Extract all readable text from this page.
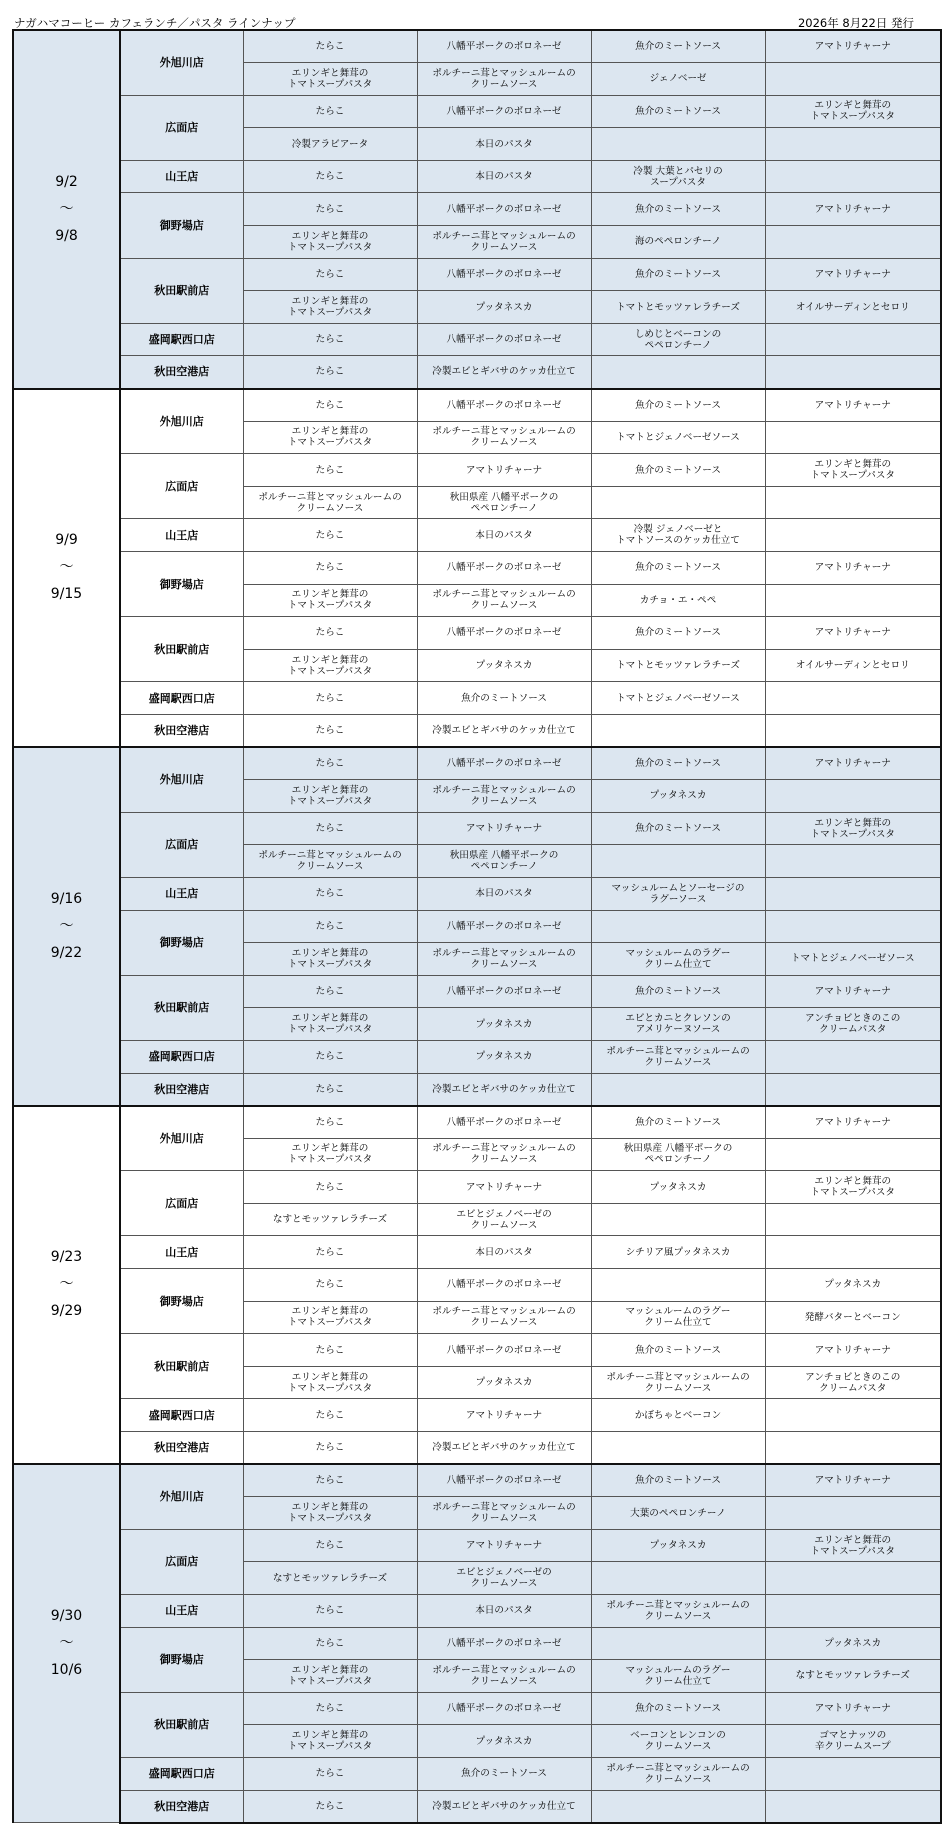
ナガハマコーヒー カフェランチ／パスタ ラインナップ	2026年 8月22日 発行
9/2
～
9/8	外旭川店	たらこ	八幡平ポークのボロネーゼ	魚介のミートソース	アマトリチャーナ
		エリンギと舞茸の
トマトスープパスタ	ポルチーニ茸とマッシュルームの
クリームソース	ジェノベーゼ	
	広面店	たらこ	八幡平ポークのボロネーゼ	魚介のミートソース	エリンギと舞茸の
トマトスープパスタ
		冷製アラビアータ	本日のパスタ		
	山王店	たらこ	本日のパスタ	冷製 大葉とパセリの
スープパスタ	
	御野場店	たらこ	八幡平ポークのボロネーゼ	魚介のミートソース	アマトリチャーナ
		エリンギと舞茸の
トマトスープパスタ	ポルチーニ茸とマッシュルームの
クリームソース	海のペペロンチーノ	
	秋田駅前店	たらこ	八幡平ポークのボロネーゼ	魚介のミートソース	アマトリチャーナ
		エリンギと舞茸の
トマトスープパスタ	プッタネスカ	トマトとモッツァレラチーズ	オイルサーディンとセロリ
	盛岡駅西口店	たらこ	八幡平ポークのボロネーゼ	しめじとベーコンの
ペペロンチーノ	
	秋田空港店	たらこ	冷製エビとギバサのケッカ仕立て		
9/9
～
9/15	外旭川店	たらこ	八幡平ポークのボロネーゼ	魚介のミートソース	アマトリチャーナ
		エリンギと舞茸の
トマトスープパスタ	ポルチーニ茸とマッシュルームの
クリームソース	トマトとジェノベーゼソース	
	広面店	たらこ	アマトリチャーナ	魚介のミートソース	エリンギと舞茸の
トマトスープパスタ
		ポルチーニ茸とマッシュルームの
クリームソース	秋田県産 八幡平ポークの
ペペロンチーノ		
	山王店	たらこ	本日のパスタ	冷製 ジェノベーゼと
トマトソースのケッカ仕立て	
	御野場店	たらこ	八幡平ポークのボロネーゼ	魚介のミートソース	アマトリチャーナ
		エリンギと舞茸の
トマトスープパスタ	ポルチーニ茸とマッシュルームの
クリームソース	カチョ・エ・ペペ	
	秋田駅前店	たらこ	八幡平ポークのボロネーゼ	魚介のミートソース	アマトリチャーナ
		エリンギと舞茸の
トマトスープパスタ	プッタネスカ	トマトとモッツァレラチーズ	オイルサーディンとセロリ
	盛岡駅西口店	たらこ	魚介のミートソース	トマトとジェノベーゼソース	
	秋田空港店	たらこ	冷製エビとギバサのケッカ仕立て		
9/16
～
9/22	外旭川店	たらこ	八幡平ポークのボロネーゼ	魚介のミートソース	アマトリチャーナ
		エリンギと舞茸の
トマトスープパスタ	ポルチーニ茸とマッシュルームの
クリームソース	プッタネスカ	
	広面店	たらこ	アマトリチャーナ	魚介のミートソース	エリンギと舞茸の
トマトスープパスタ
		ポルチーニ茸とマッシュルームの
クリームソース	秋田県産 八幡平ポークの
ペペロンチーノ		
	山王店	たらこ	本日のパスタ	マッシュルームとソーセージの
ラグーソース	
	御野場店	たらこ	八幡平ポークのボロネーゼ		
		エリンギと舞茸の
トマトスープパスタ	ポルチーニ茸とマッシュルームの
クリームソース	マッシュルームのラグー
クリーム仕立て	トマトとジェノベーゼソース
	秋田駅前店	たらこ	八幡平ポークのボロネーゼ	魚介のミートソース	アマトリチャーナ
		エリンギと舞茸の
トマトスープパスタ	プッタネスカ	エビとカニとクレソンの
アメリケーヌソース	アンチョビときのこの
クリームパスタ
	盛岡駅西口店	たらこ	プッタネスカ	ポルチーニ茸とマッシュルームの
クリームソース	
	秋田空港店	たらこ	冷製エビとギバサのケッカ仕立て		
9/23
～
9/29	外旭川店	たらこ	八幡平ポークのボロネーゼ	魚介のミートソース	アマトリチャーナ
		エリンギと舞茸の
トマトスープパスタ	ポルチーニ茸とマッシュルームの
クリームソース	秋田県産 八幡平ポークの
ペペロンチーノ	
	広面店	たらこ	アマトリチャーナ	プッタネスカ	エリンギと舞茸の
トマトスープパスタ
		なすとモッツァレラチーズ	エビとジェノベーゼの
クリームソース		
	山王店	たらこ	本日のパスタ	シチリア風プッタネスカ	
	御野場店	たらこ	八幡平ポークのボロネーゼ		プッタネスカ
		エリンギと舞茸の
トマトスープパスタ	ポルチーニ茸とマッシュルームの
クリームソース	マッシュルームのラグー
クリーム仕立て	発酵バターとベーコン
	秋田駅前店	たらこ	八幡平ポークのボロネーゼ	魚介のミートソース	アマトリチャーナ
		エリンギと舞茸の
トマトスープパスタ	プッタネスカ	ポルチーニ茸とマッシュルームの
クリームソース	アンチョビときのこの
クリームパスタ
	盛岡駅西口店	たらこ	アマトリチャーナ	かぼちゃとベーコン	
	秋田空港店	たらこ	冷製エビとギバサのケッカ仕立て		
9/30
～
10/6	外旭川店	たらこ	八幡平ポークのボロネーゼ	魚介のミートソース	アマトリチャーナ
		エリンギと舞茸の
トマトスープパスタ	ポルチーニ茸とマッシュルームの
クリームソース	大葉のペペロンチーノ	
	広面店	たらこ	アマトリチャーナ	プッタネスカ	エリンギと舞茸の
トマトスープパスタ
		なすとモッツァレラチーズ	エビとジェノベーゼの
クリームソース		
	山王店	たらこ	本日のパスタ	ポルチーニ茸とマッシュルームの
クリームソース	
	御野場店	たらこ	八幡平ポークのボロネーゼ		プッタネスカ
		エリンギと舞茸の
トマトスープパスタ	ポルチーニ茸とマッシュルームの
クリームソース	マッシュルームのラグー
クリーム仕立て	なすとモッツァレラチーズ
	秋田駅前店	たらこ	八幡平ポークのボロネーゼ	魚介のミートソース	アマトリチャーナ
		エリンギと舞茸の
トマトスープパスタ	プッタネスカ	ベーコンとレンコンの
クリームソース	ゴマとナッツの
辛クリームスープ
	盛岡駅西口店	たらこ	魚介のミートソース	ポルチーニ茸とマッシュルームの
クリームソース	
	秋田空港店	たらこ	冷製エビとギバサのケッカ仕立て		
